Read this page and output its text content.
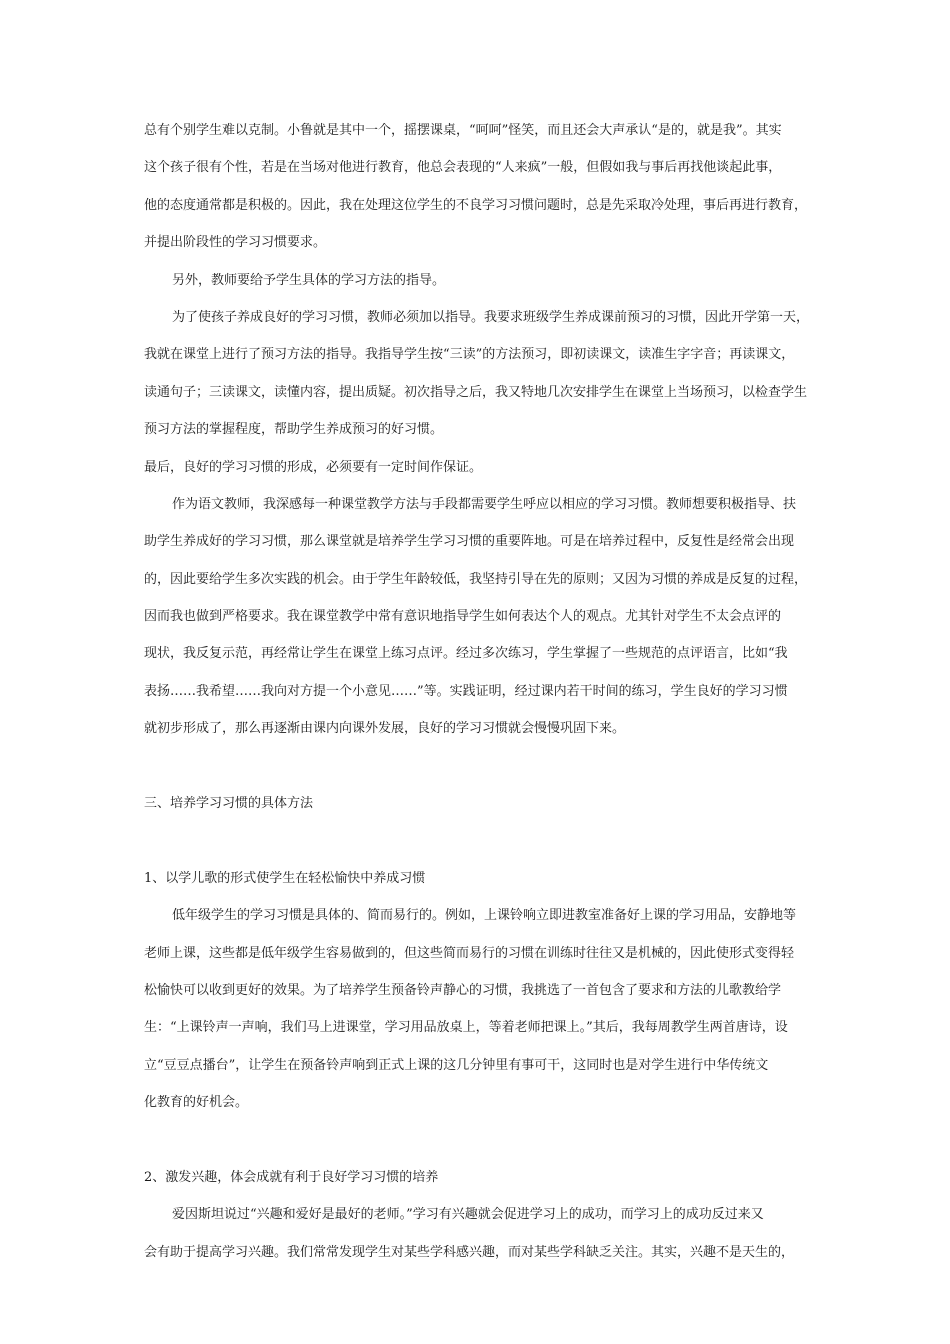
总有个别学生难以克制。小鲁就是其中一个，摇摆课桌，“呵呵”怪笑，而且还会大声承认“是的，就是我”。其实
这个孩子很有个性，若是在当场对他进行教育，他总会表现的“人来疯”一般，但假如我与事后再找他谈起此事，
他的态度通常都是积极的。因此，我在处理这位学生的不良学习习惯问题时，总是先采取冷处理，事后再进行教育，
并提出阶段性的学习习惯要求。
另外，教师要给予学生具体的学习方法的指导。
为了使孩子养成良好的学习习惯，教师必须加以指导。我要求班级学生养成课前预习的习惯，因此开学第一天，
我就在课堂上进行了预习方法的指导。我指导学生按“三读”的方法预习，即初读课文，读准生字字音；再读课文，
读通句子；三读课文，读懂内容，提出质疑。初次指导之后，我又特地几次安排学生在课堂上当场预习，以检查学生
预习方法的掌握程度，帮助学生养成预习的好习惯。
最后，良好的学习习惯的形成，必须要有一定时间作保证。
作为语文教师，我深感每一种课堂教学方法与手段都需要学生呼应以相应的学习习惯。教师想要积极指导、扶
助学生养成好的学习习惯，那么课堂就是培养学生学习习惯的重要阵地。可是在培养过程中，反复性是经常会出现
的，因此要给学生多次实践的机会。由于学生年龄较低，我坚持引导在先的原则；又因为习惯的养成是反复的过程，
因而我也做到严格要求。我在课堂教学中常有意识地指导学生如何表达个人的观点。尤其针对学生不太会点评的
现状，我反复示范，再经常让学生在课堂上练习点评。经过多次练习，学生掌握了一些规范的点评语言，比如“我
表扬……我希望……我向对方提一个小意见……”等。实践证明，经过课内若干时间的练习，学生良好的学习习惯
就初步形成了，那么再逐渐由课内向课外发展，良好的学习习惯就会慢慢巩固下来。
三、培养学习习惯的具体方法
1、以学儿歌的形式使学生在轻松愉快中养成习惯
低年级学生的学习习惯是具体的、简而易行的。例如，上课铃响立即进教室准备好上课的学习用品，安静地等
老师上课，这些都是低年级学生容易做到的，但这些简而易行的习惯在训练时往往又是机械的，因此使形式变得轻
松愉快可以收到更好的效果。为了培养学生预备铃声静心的习惯，我挑选了一首包含了要求和方法的儿歌教给学
生：“上课铃声一声响，我们马上进课堂，学习用品放桌上，等着老师把课上。”其后，我每周教学生两首唐诗，设
立“豆豆点播台”，让学生在预备铃声响到正式上课的这几分钟里有事可干，这同时也是对学生进行中华传统文
化教育的好机会。
2、激发兴趣，体会成就有利于良好学习习惯的培养
爱因斯坦说过“兴趣和爱好是最好的老师。”学习有兴趣就会促进学习上的成功，而学习上的成功反过来又
会有助于提高学习兴趣。我们常常发现学生对某些学科感兴趣，而对某些学科缺乏关注。其实，兴趣不是天生的，
